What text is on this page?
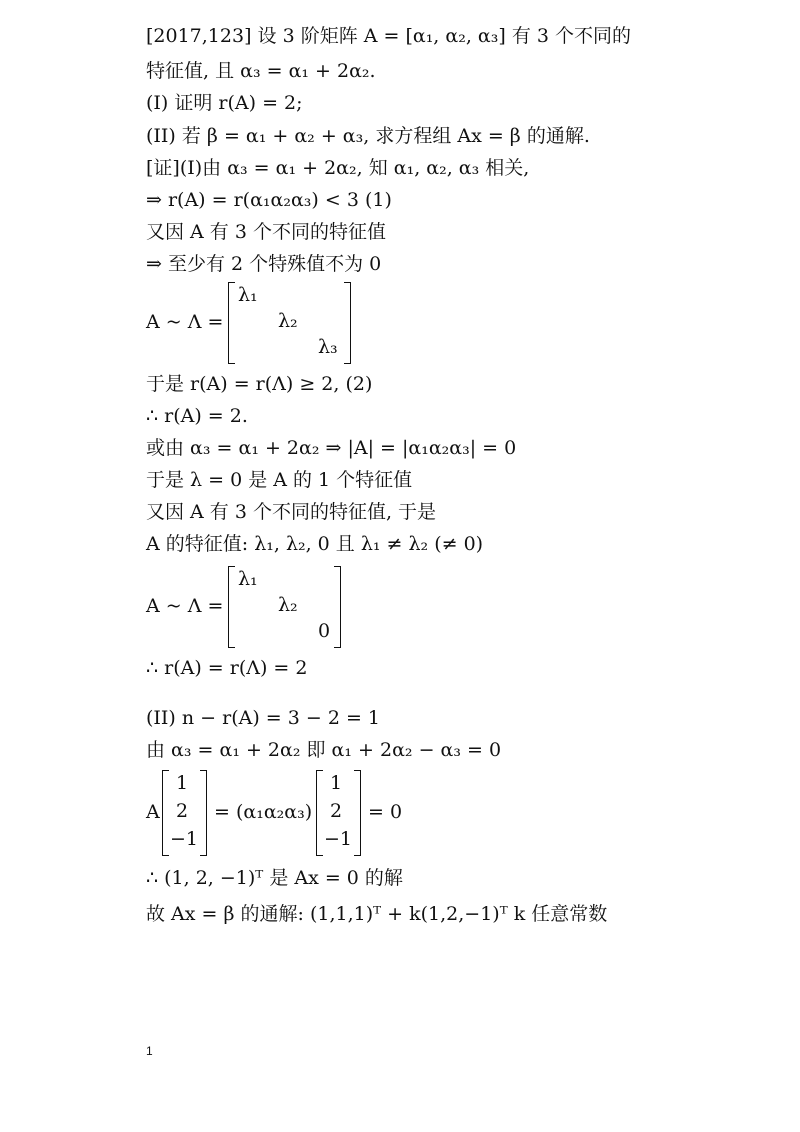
[2017,123] 设 3 阶矩阵 A = [α₁, α₂, α₃] 有 3 个不同的
特征值, 且 α₃ = α₁ + 2α₂.
(I) 证明 r(A) = 2;
(II) 若 β = α₁ + α₂ + α₃, 求方程组 Ax = β 的通解.
[证](I)由 α₃ = α₁ + 2α₂, 知 α₁, α₂, α₃ 相关,
⇒ r(A) = r(α₁α₂α₃) < 3 (1)
又因 A 有 3 个不同的特征值
⇒ 至少有 2 个特殊值不为 0
A ~ Λ =
λ₁
λ₂
λ₃
于是 r(A) = r(Λ) ≥ 2, (2)
∴ r(A) = 2.
或由 α₃ = α₁ + 2α₂ ⇒ |A| = |α₁α₂α₃| = 0
于是 λ = 0 是 A 的 1 个特征值
又因 A 有 3 个不同的特征值, 于是
A 的特征值: λ₁, λ₂, 0 且 λ₁ ≠ λ₂ (≠ 0)
A ~ Λ =
λ₁
λ₂
0
∴ r(A) = r(Λ) = 2
(II) n − r(A) = 3 − 2 = 1
由 α₃ = α₁ + 2α₂ 即 α₁ + 2α₂ − α₃ = 0
A
1
2
−1
= (α₁α₂α₃)
1
2
−1
= 0
∴ (1, 2, −1)ᵀ 是 Ax = 0 的解
故 Ax = β 的通解: (1,1,1)ᵀ + k(1,2,−1)ᵀ k 任意常数
1
